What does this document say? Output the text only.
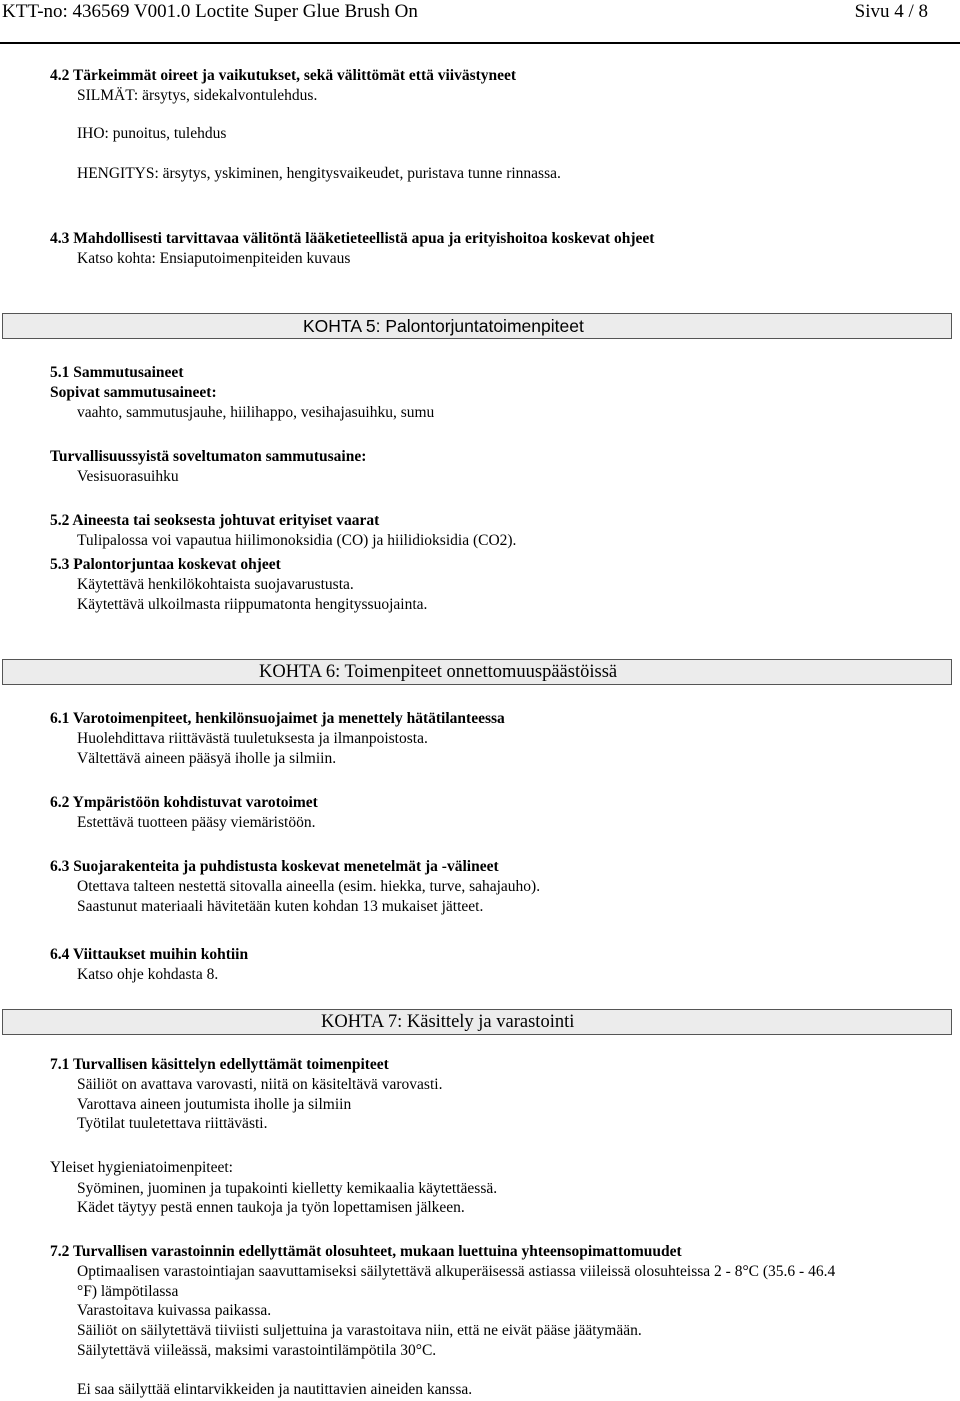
KTT-no: 436569 V001.0 Loctite Super Glue Brush On	Sivu 4 / 8
4.2 Tärkeimmät oireet ja vaikutukset, sekä välittömät että viivästyneet
SILMÄT: ärsytys, sidekalvontulehdus.
IHO: punoitus, tulehdus
HENGITYS: ärsytys, yskiminen, hengitysvaikeudet, puristava tunne rinnassa.
4.3 Mahdollisesti tarvittavaa välitöntä lääketieteellistä apua ja erityishoitoa koskevat ohjeet
Katso kohta: Ensiaputoimenpiteiden kuvaus
KOHTA 5: Palontorjuntatoimenpiteet
5.1 Sammutusaineet
Sopivat sammutusaineet:
vaahto, sammutusjauhe, hiilihappo, vesihajasuihku, sumu
Turvallisuussyistä soveltumaton sammutusaine:
Vesisuorasuihku
5.2 Aineesta tai seoksesta johtuvat erityiset vaarat
Tulipalossa voi vapautua hiilimonoksidia (CO) ja hiilidioksidia (CO2).
5.3 Palontorjuntaa koskevat ohjeet
Käytettävä henkilökohtaista suojavarustusta.
Käytettävä ulkoilmasta riippumatonta hengityssuojainta.
KOHTA 6: Toimenpiteet onnettomuuspäästöissä
6.1 Varotoimenpiteet, henkilönsuojaimet ja menettely hätätilanteessa
Huolehdittava riittävästä tuuletuksesta ja ilmanpoistosta.
Vältettävä aineen pääsyä iholle ja silmiin.
6.2 Ympäristöön kohdistuvat varotoimet
Estettävä tuotteen pääsy viemäristöön.
6.3 Suojarakenteita ja puhdistusta koskevat menetelmät ja -välineet
Otettava talteen nestettä sitovalla aineella (esim. hiekka, turve, sahajauho).
Saastunut materiaali hävitetään kuten kohdan 13 mukaiset jätteet.
6.4 Viittaukset muihin kohtiin
Katso ohje kohdasta 8.
KOHTA 7: Käsittely ja varastointi
7.1 Turvallisen käsittelyn edellyttämät toimenpiteet
Säiliöt on avattava varovasti, niitä on käsiteltävä varovasti.
Varottava aineen joutumista iholle ja silmiin
Työtilat tuuletettava riittävästi.
Yleiset hygieniatoimenpiteet:
Syöminen, juominen ja tupakointi kielletty kemikaalia käytettäessä.
Kädet täytyy pestä ennen taukoja ja työn lopettamisen jälkeen.
7.2 Turvallisen varastoinnin edellyttämät olosuhteet, mukaan luettuina yhteensopimattomuudet
Optimaalisen varastointiajan saavuttamiseksi säilytettävä alkuperäisessä astiassa viileissä olosuhteissa 2 - 8°C (35.6 - 46.4
°F) lämpötilassa
Varastoitava kuivassa paikassa.
Säiliöt on säilytettävä tiiviisti suljettuina ja varastoitava niin, että ne eivät pääse jäätymään.
Säilytettävä viileässä, maksimi varastointilämpötila 30°C.
Ei saa säilyttää elintarvikkeiden ja nautittavien aineiden kanssa.
